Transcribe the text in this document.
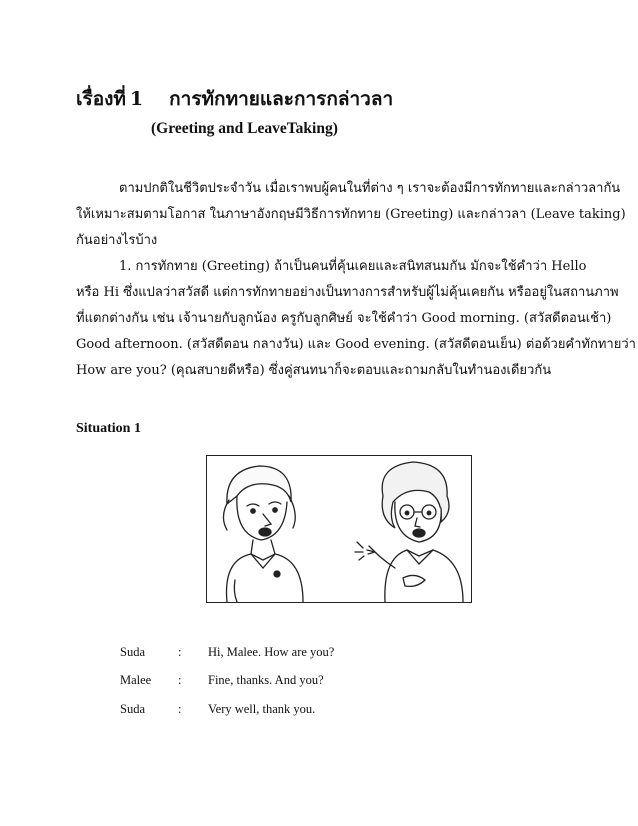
เรื่องที่ 1 การทักทายและการกล่าวลา
(Greeting and LeaveTaking)
ตามปกติในชีวิตประจำวัน เมื่อเราพบผู้คนในที่ต่าง ๆ เราจะต้องมีการทักทายและกล่าวลากัน
ให้เหมาะสมตามโอกาส ในภาษาอังกฤษมีวิธีการทักทาย (Greeting) และกล่าวลา (Leave taking)
กันอย่างไรบ้าง
1. การทักทาย (Greeting) ถ้าเป็นคนที่คุ้นเคยและสนิทสนมกัน มักจะใช้คำว่า Hello
หรือ Hi ซึ่งแปลว่าสวัสดี แต่การทักทายอย่างเป็นทางการสำหรับผู้ไม่คุ้นเคยกัน หรืออยู่ในสถานภาพ
ที่แตกต่างกัน เช่น เจ้านายกับลูกน้อง ครูกับลูกศิษย์ จะใช้คำว่า Good morning. (สวัสดีตอนเช้า)
Good afternoon. (สวัสดีตอน กลางวัน) และ Good evening. (สวัสดีตอนเย็น) ต่อด้วยคำทักทายว่า
How are you? (คุณสบายดีหรือ) ซึ่งคู่สนทนาก็จะตอบและถามกลับในทำนองเดียวกัน
Situation 1
Suda	: Hi, Malee. How are you?
Malee : Fine, thanks. And you?
Suda	: Very well, thank you.
